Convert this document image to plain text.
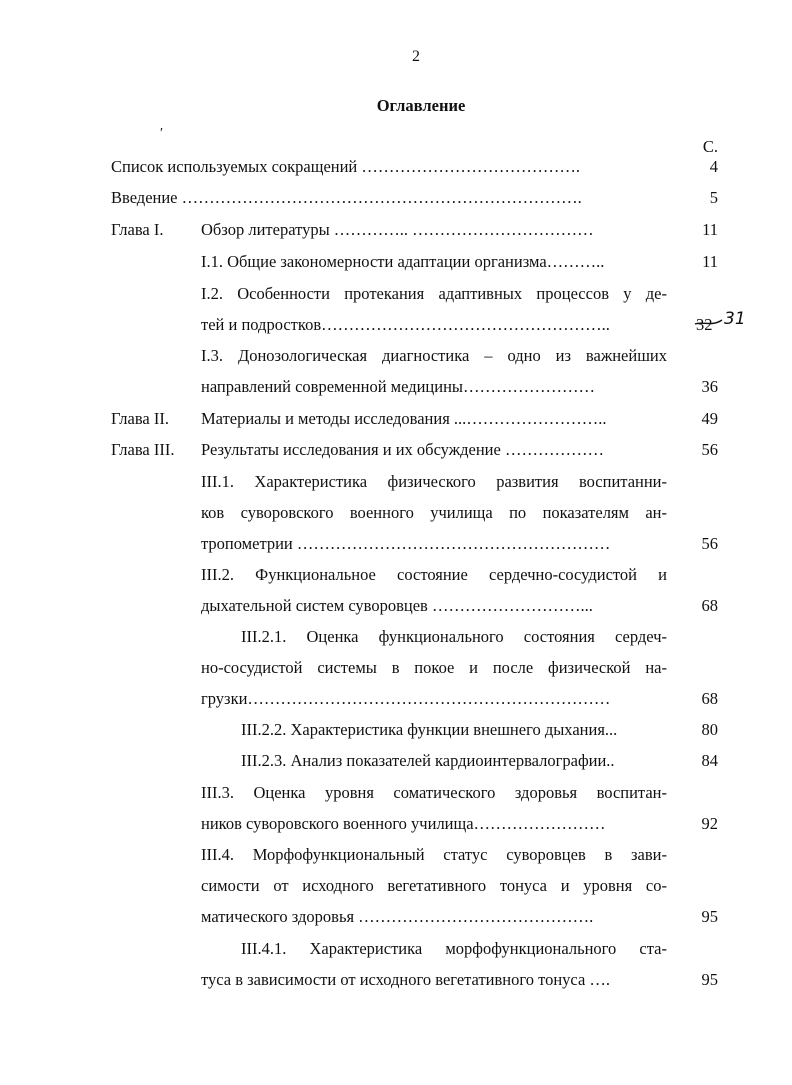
2
Оглавление
′
С.
Список используемых сокращений ………………………………….	4
Введение ……………………………………………………………….	5
Глава I. Обзор литературы ………….. ……………………………	11
I.1. Общие закономерности адаптации организма………..	11
I.2. Особенности протекания адаптивных процессов у де-
тей и подростков……………………………………………..	32 31
I.3. Донозологическая диагностика – одно из важнейших
направлений современной медицины……………………	36
Глава II. Материалы и методы исследования ...……………………..	49
Глава III. Результаты исследования и их обсуждение ………………	56
III.1. Характеристика физического развития воспитанни-
ков суворовского военного училища по показателям ан-
тропометрии …………………………………………………	56
III.2. Функциональное состояние сердечно-сосудистой и
дыхательной систем суворовцев ………………………...	68
III.2.1. Оценка функционального состояния сердеч-
но-сосудистой системы в покое и после физической на-
грузки…………………………………………………………	68
III.2.2. Характеристика функции внешнего дыхания...	80
III.2.3. Анализ показателей кардиоинтервалографии..	84
III.3. Оценка уровня соматического здоровья воспитан-
ников суворовского военного училища……………………	92
III.4. Морфофункциональный статус суворовцев в зави-
симости от исходного вегетативного тонуса и уровня со-
матического здоровья …………………………………….	95
III.4.1. Характеристика морфофункционального ста-
туса в зависимости от исходного вегетативного тонуса ….	95
